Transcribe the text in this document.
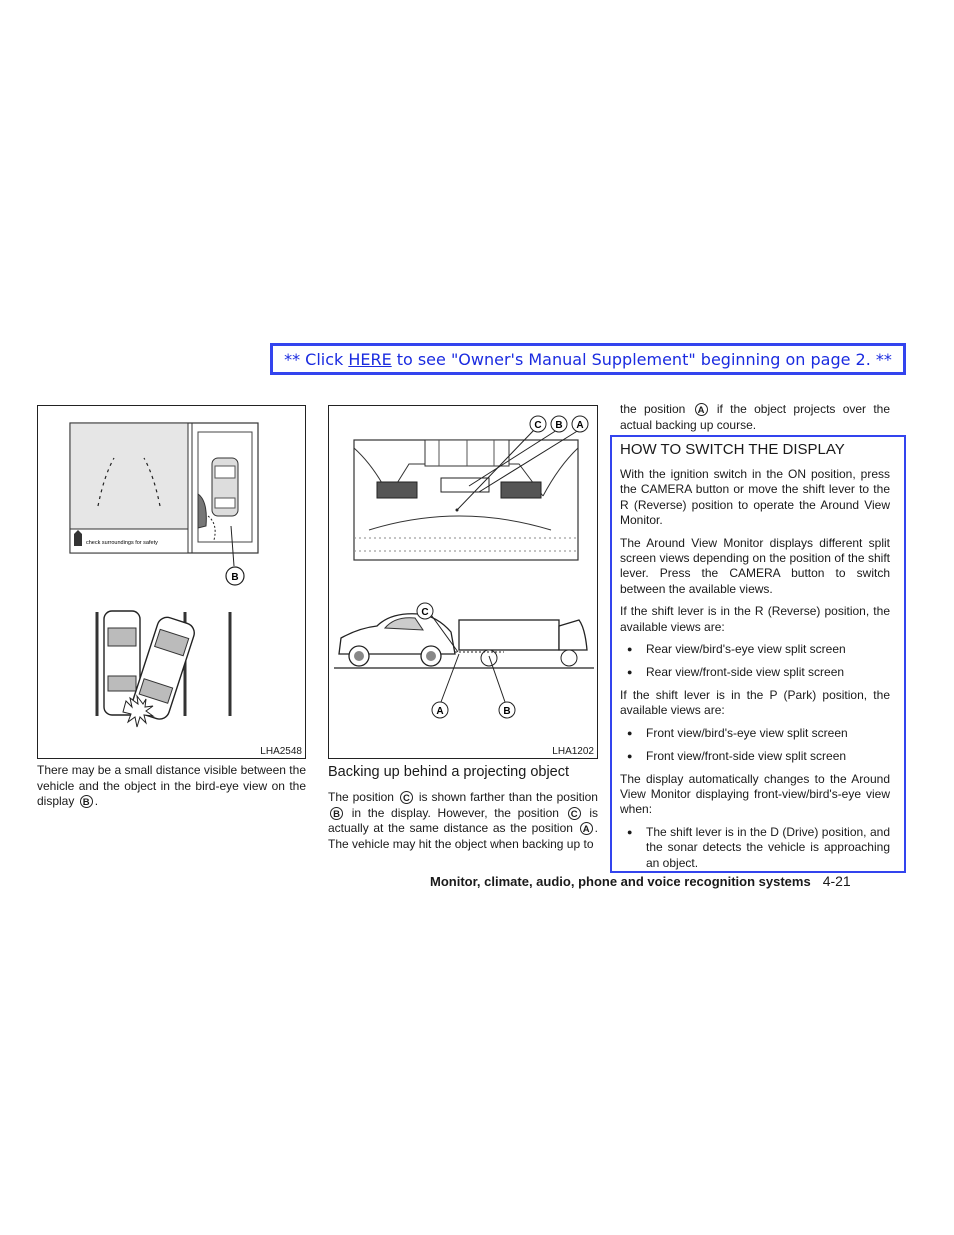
** Click HERE to see "Owner's Manual Supplement" beginning on page 2. **
check surroundings for safety
B
LHA2548
C B A
C
A	B
LHA1202
There may be a small distance visible between the vehicle and the object in the bird-eye view on the display B .
Backing up behind a projecting object
The position C is shown farther than the position B in the display. However, the position C is actually at the same distance as the position A . The vehicle may hit the object when backing up to
the position A if the object projects over the actual backing up course.
HOW TO SWITCH THE DISPLAY

With the ignition switch in the ON position, press the CAMERA button or move the shift lever to the R (Reverse) position to operate the Around View Monitor.

The Around View Monitor displays different split screen views depending on the position of the shift lever. Press the CAMERA button to switch between the available views.

If the shift lever is in the R (Reverse) position, the available views are:

● Rear view/bird's-eye view split screen
● Rear view/front-side view split screen

If the shift lever is in the P (Park) position, the available views are:

● Front view/bird's-eye view split screen
● Front view/front-side view split screen

The display automatically changes to the Around View Monitor displaying front-view/bird's-eye view when:

● The shift lever is in the D (Drive) position, and the sonar detects the vehicle is approaching an object.
Monitor, climate, audio, phone and voice recognition systems 4-21
